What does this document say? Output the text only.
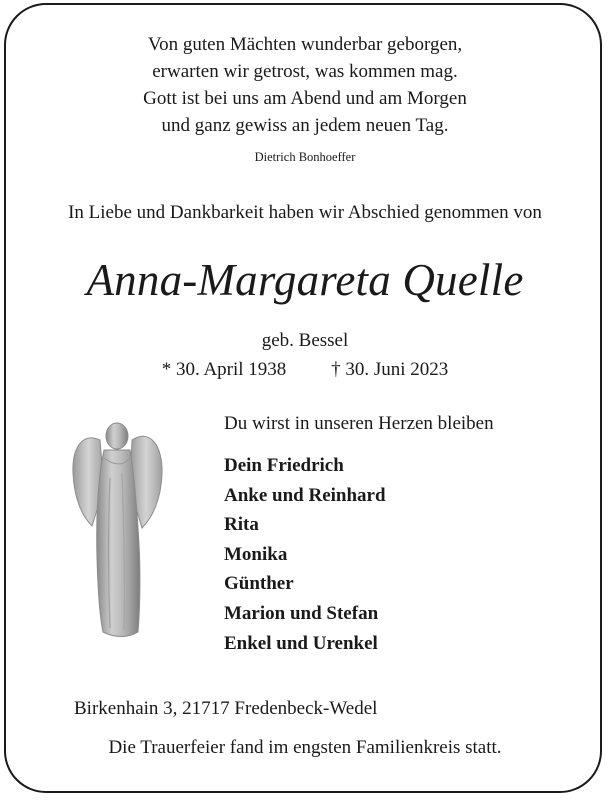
Von guten Mächten wunderbar geborgen,
erwarten wir getrost, was kommen mag.
Gott ist bei uns am Abend und am Morgen
und ganz gewiss an jedem neuen Tag.
Dietrich Bonhoeffer
In Liebe und Dankbarkeit haben wir Abschied genommen von
Anna-Margareta Quelle
geb. Bessel
* 30. April 1938 † 30. Juni 2023
Du wirst in unseren Herzen bleiben
Dein Friedrich
Anke und Reinhard
Rita
Monika
Günther
Marion und Stefan
Enkel und Urenkel
Birkenhain 3, 21717 Fredenbeck-Wedel
Die Trauerfeier fand im engsten Familienkreis statt.
